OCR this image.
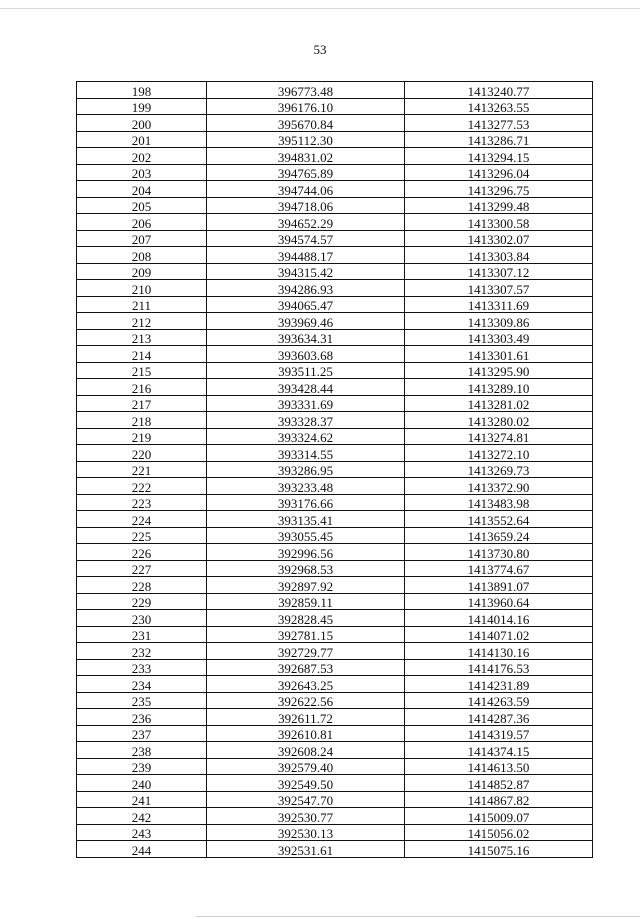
53
198	396773.48	1413240.77
199	396176.10	1413263.55
200	395670.84	1413277.53
201	395112.30	1413286.71
202	394831.02	1413294.15
203	394765.89	1413296.04
204	394744.06	1413296.75
205	394718.06	1413299.48
206	394652.29	1413300.58
207	394574.57	1413302.07
208	394488.17	1413303.84
209	394315.42	1413307.12
210	394286.93	1413307.57
211	394065.47	1413311.69
212	393969.46	1413309.86
213	393634.31	1413303.49
214	393603.68	1413301.61
215	393511.25	1413295.90
216	393428.44	1413289.10
217	393331.69	1413281.02
218	393328.37	1413280.02
219	393324.62	1413274.81
220	393314.55	1413272.10
221	393286.95	1413269.73
222	393233.48	1413372.90
223	393176.66	1413483.98
224	393135.41	1413552.64
225	393055.45	1413659.24
226	392996.56	1413730.80
227	392968.53	1413774.67
228	392897.92	1413891.07
229	392859.11	1413960.64
230	392828.45	1414014.16
231	392781.15	1414071.02
232	392729.77	1414130.16
233	392687.53	1414176.53
234	392643.25	1414231.89
235	392622.56	1414263.59
236	392611.72	1414287.36
237	392610.81	1414319.57
238	392608.24	1414374.15
239	392579.40	1414613.50
240	392549.50	1414852.87
241	392547.70	1414867.82
242	392530.77	1415009.07
243	392530.13	1415056.02
244	392531.61	1415075.16
